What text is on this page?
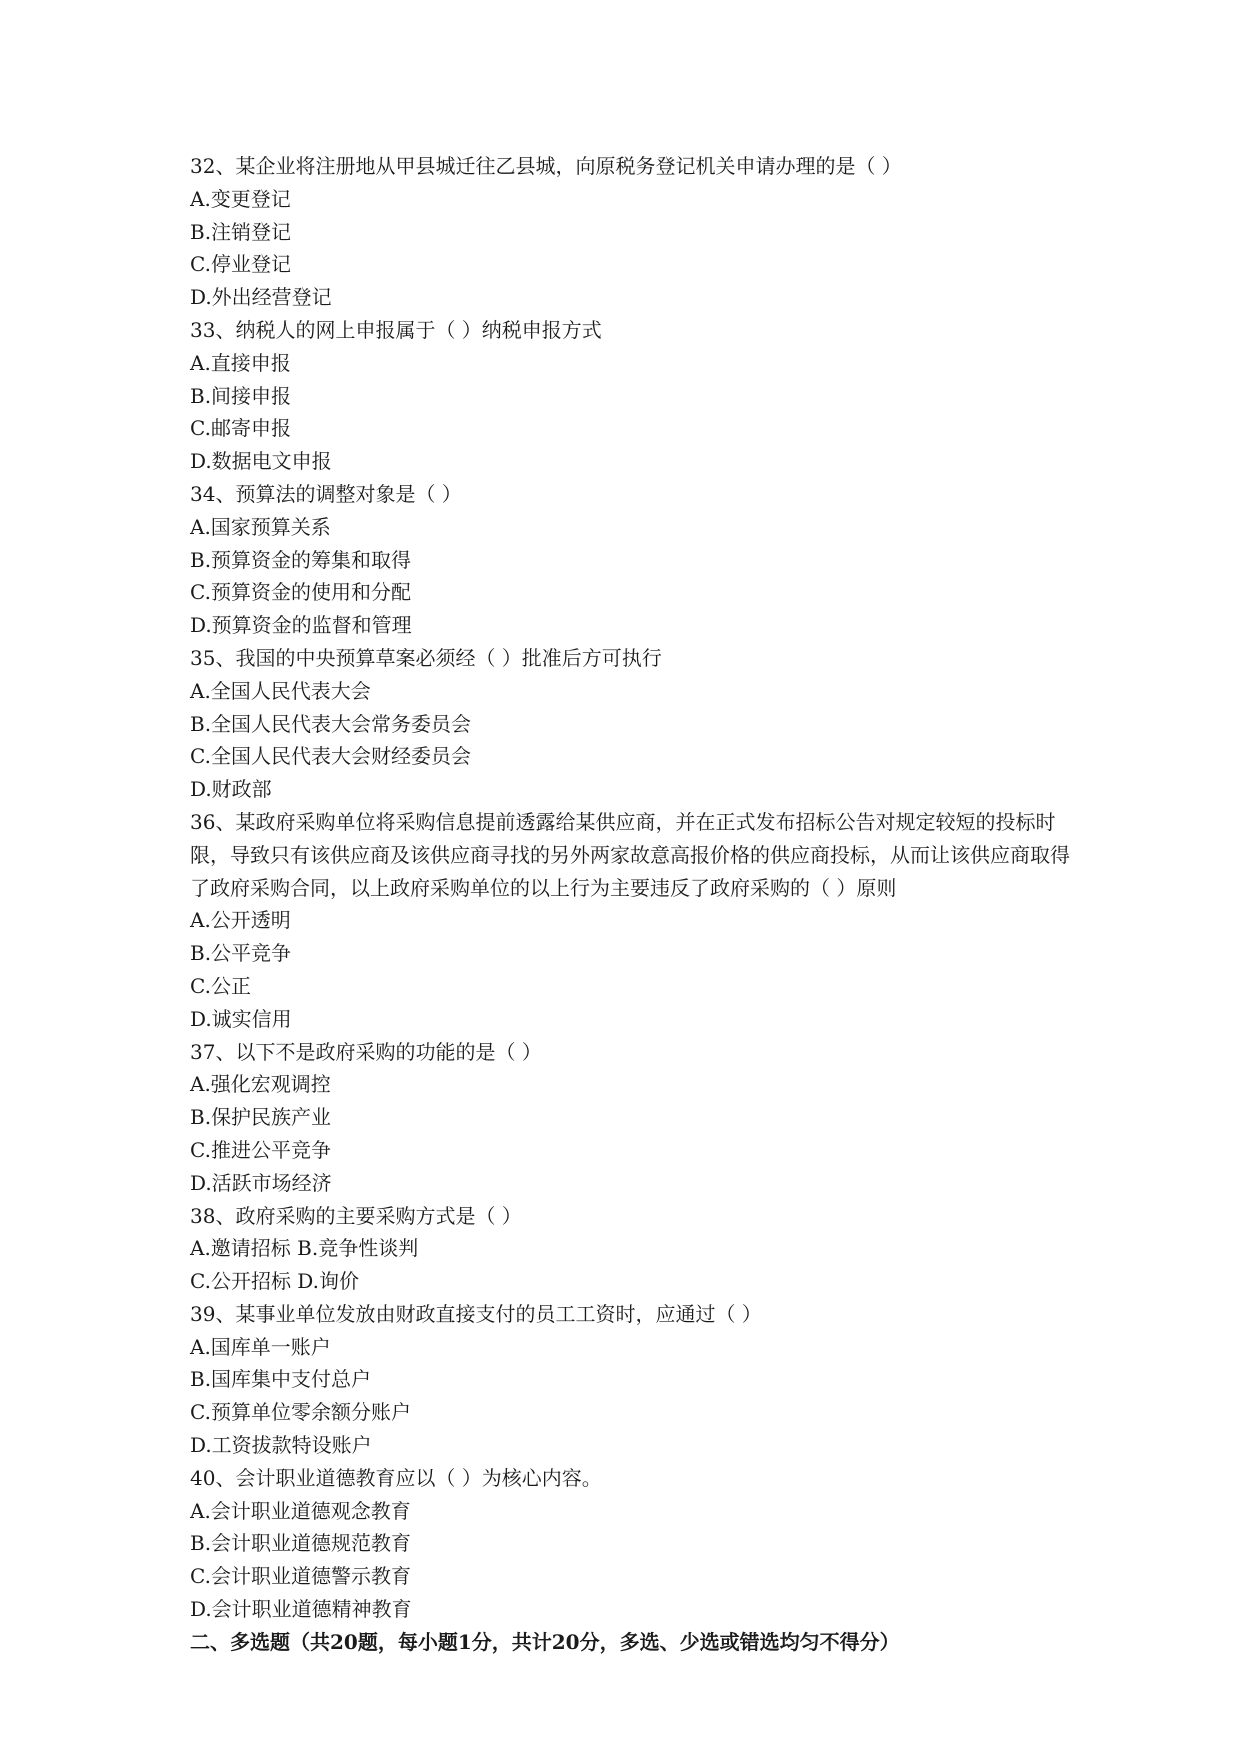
32、某企业将注册地从甲县城迁往乙县城，向原税务登记机关申请办理的是（ ）
A.变更登记
B.注销登记
C.停业登记
D.外出经营登记
33、纳税人的网上申报属于（ ）纳税申报方式
A.直接申报
B.间接申报
C.邮寄申报
D.数据电文申报
34、预算法的调整对象是（ ）
A.国家预算关系
B.预算资金的筹集和取得
C.预算资金的使用和分配
D.预算资金的监督和管理
35、我国的中央预算草案必须经（ ）批准后方可执行
A.全国人民代表大会
B.全国人民代表大会常务委员会
C.全国人民代表大会财经委员会
D.财政部
36、某政府采购单位将采购信息提前透露给某供应商，并在正式发布招标公告对规定较短的投标时限，导致只有该供应商及该供应商寻找的另外两家故意高报价格的供应商投标，从而让该供应商取得了政府采购合同，以上政府采购单位的以上行为主要违反了政府采购的（ ）原则
A.公开透明
B.公平竞争
C.公正
D.诚实信用
37、以下不是政府采购的功能的是（ ）
A.强化宏观调控
B.保护民族产业
C.推进公平竞争
D.活跃市场经济
38、政府采购的主要采购方式是（ ）
A.邀请招标 B.竞争性谈判
C.公开招标 D.询价
39、某事业单位发放由财政直接支付的员工工资时，应通过（ ）
A.国库单一账户
B.国库集中支付总户
C.预算单位零余额分账户
D.工资拔款特设账户
40、会计职业道德教育应以（ ）为核心内容。
A.会计职业道德观念教育
B.会计职业道德规范教育
C.会计职业道德警示教育
D.会计职业道德精神教育
二、多选题（共20题，每小题1分，共计20分，多选、少选或错选均匀不得分）
